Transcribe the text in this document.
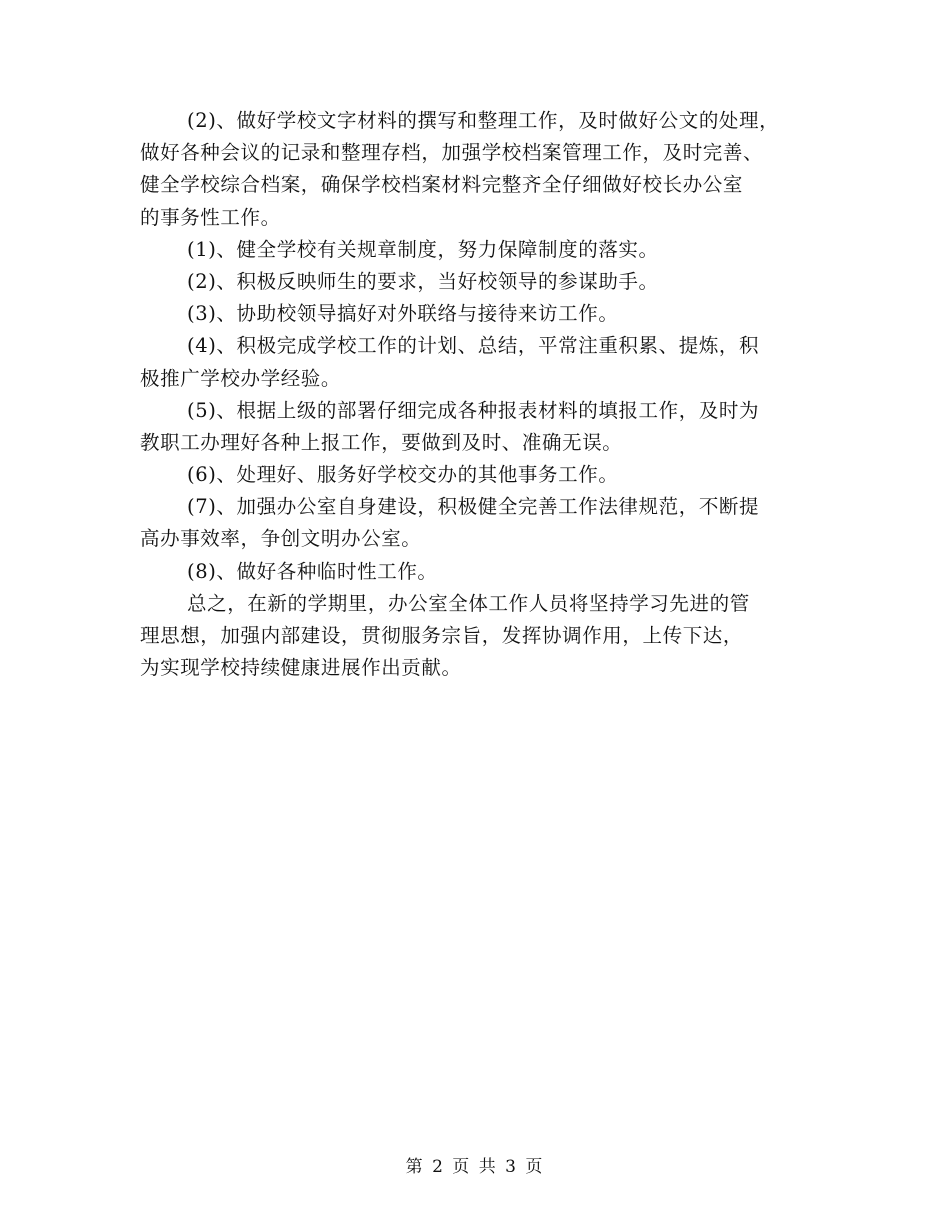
(2)、做好学校文字材料的撰写和整理工作，及时做好公文的处理，
做好各种会议的记录和整理存档，加强学校档案管理工作，及时完善、
健全学校综合档案，确保学校档案材料完整齐全仔细做好校长办公室
的事务性工作。
(1)、健全学校有关规章制度，努力保障制度的落实。
(2)、积极反映师生的要求，当好校领导的参谋助手。
(3)、协助校领导搞好对外联络与接待来访工作。
(4)、积极完成学校工作的计划、总结，平常注重积累、提炼，积
极推广学校办学经验。
(5)、根据上级的部署仔细完成各种报表材料的填报工作，及时为
教职工办理好各种上报工作，要做到及时、准确无误。
(6)、处理好、服务好学校交办的其他事务工作。
(7)、加强办公室自身建设，积极健全完善工作法律规范，不断提
高办事效率，争创文明办公室。
(8)、做好各种临时性工作。
总之，在新的学期里，办公室全体工作人员将坚持学习先进的管
理思想，加强内部建设，贯彻服务宗旨，发挥协调作用，上传下达，
为实现学校持续健康进展作出贡献。
第 2 页 共 3 页
